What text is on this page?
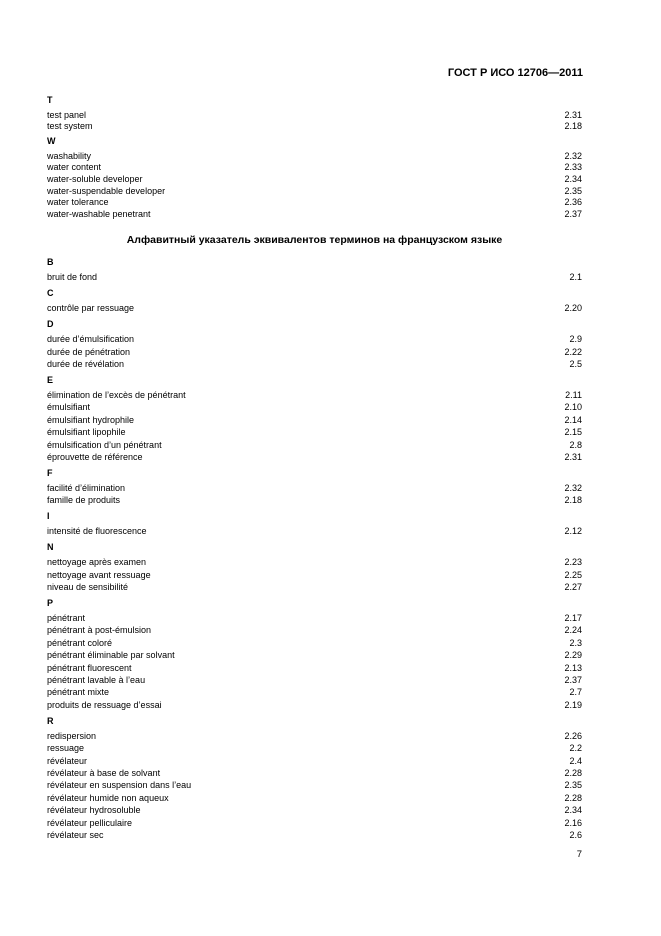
ГОСТ Р ИСО 12706—2011
T
test panel	2.31
test system	2.18
W
washability	2.32
water content	2.33
water-soluble developer	2.34
water-suspendable developer	2.35
water tolerance	2.36
water-washable penetrant	2.37
Алфавитный указатель эквивалентов терминов на французском языке
B
bruit de fond	2.1
C
contrôle par ressuage	2.20
D
durée d’émulsification	2.9
durée de pénétration	2.22
durée de révélation	2.5
E
élimination de l’excès de pénétrant	2.11
émulsifiant	2.10
émulsifiant hydrophile	2.14
émulsifiant lipophile	2.15
émulsification d’un pénétrant	2.8
éprouvette de référence	2.31
F
facilité d’élimination	2.32
famille de produits	2.18
I
intensité de fluorescence	2.12
N
nettoyage après examen	2.23
nettoyage avant ressuage	2.25
niveau de sensibilité	2.27
P
pénétrant	2.17
pénétrant à post-émulsion	2.24
pénétrant coloré	2.3
pénétrant éliminable par solvant	2.29
pénétrant fluorescent	2.13
pénétrant lavable à l’eau	2.37
pénétrant mixte	2.7
produits de ressuage d’essai	2.19
R
redispersion	2.26
ressuage	2.2
révélateur	2.4
révélateur à base de solvant	2.28
révélateur en suspension dans l’eau	2.35
révélateur humide non aqueux	2.28
révélateur hydrosoluble	2.34
révélateur pelliculaire	2.16
révélateur sec	2.6
7
